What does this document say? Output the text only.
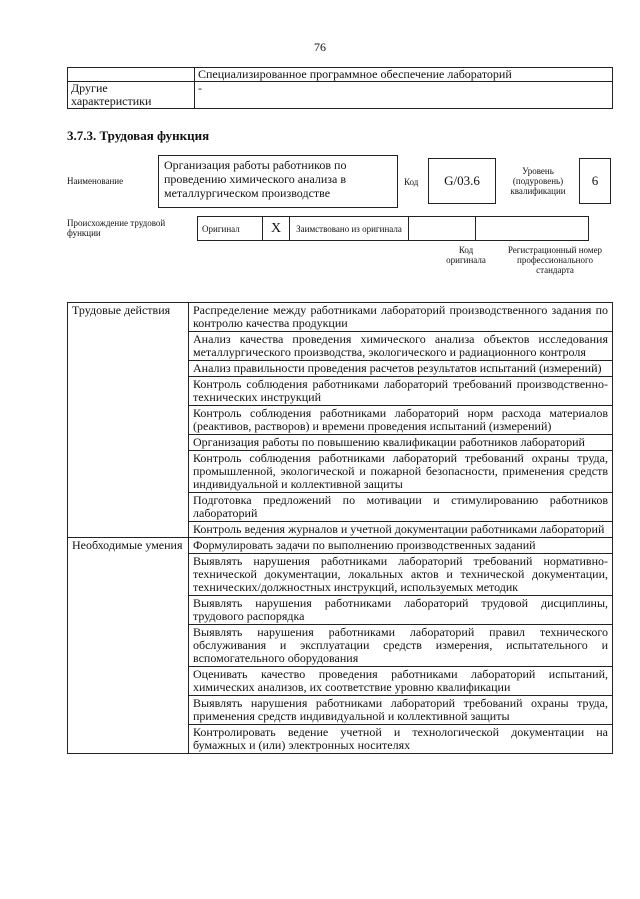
76
	Специализированное программное обеспечение лабораторий
Другие характеристики	-
3.7.3. Трудовая функция
Наименование
Организация работы работников по проведению химического анализа в металлургическом производстве
Код	G/03.6
Уровень (подуровень) квалификации
6
Происхождение трудовой функции	Оригинал	X	Заимствовано из оригинала		
Код оригинала
Регистрационный номер профессионального стандарта
Трудовые действия	Распределение между работниками лабораторий производственного задания по контролю качества продукции
	Анализ качества проведения химического анализа объектов исследования металлургического производства, экологического и радиационного контроля
	Анализ правильности проведения расчетов результатов испытаний (измерений)
	Контроль соблюдения работниками лабораторий требований производственно-технических инструкций
	Контроль соблюдения работниками лабораторий норм расхода материалов (реактивов, растворов) и времени проведения испытаний (измерений)
	Организация работы по повышению квалификации работников лабораторий
	Контроль соблюдения работниками лабораторий требований охраны труда, промышленной, экологической и пожарной безопасности, применения средств индивидуальной и коллективной защиты
	Подготовка предложений по мотивации и стимулированию работников лабораторий
	Контроль ведения журналов и учетной документации работниками лабораторий
Необходимые умения	Формулировать задачи по выполнению производственных заданий
	Выявлять нарушения работниками лабораторий требований нормативно-технической документации, локальных актов и технической документации, технических/должностных инструкций, используемых методик
	Выявлять нарушения работниками лабораторий трудовой дисциплины, трудового распорядка
	Выявлять нарушения работниками лабораторий правил технического обслуживания и эксплуатации средств измерения, испытательного и вспомогательного оборудования
	Оценивать качество проведения работниками лабораторий испытаний, химических анализов, их соответствие уровню квалификации
	Выявлять нарушения работниками лабораторий требований охраны труда, применения средств индивидуальной и коллективной защиты
	Контролировать ведение учетной и технологической документации на бумажных и (или) электронных носителях
